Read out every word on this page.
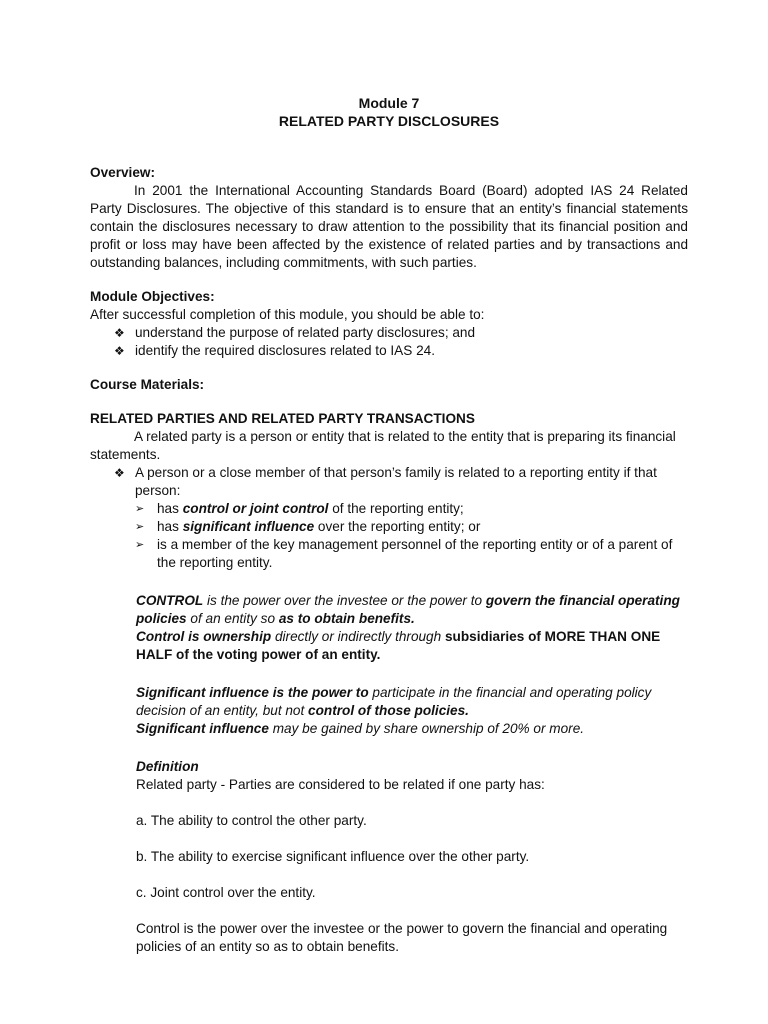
Module 7
RELATED PARTY DISCLOSURES
Overview:
In 2001 the International Accounting Standards Board (Board) adopted IAS 24 Related Party Disclosures. The objective of this standard is to ensure that an entity’s financial statements contain the disclosures necessary to draw attention to the possibility that its financial position and profit or loss may have been affected by the existence of related parties and by transactions and outstanding balances, including commitments, with such parties.
Module Objectives:
After successful completion of this module, you should be able to:
❖ understand the purpose of related party disclosures; and
❖ identify the required disclosures related to IAS 24.
Course Materials:
RELATED PARTIES AND RELATED PARTY TRANSACTIONS
A related party is a person or entity that is related to the entity that is preparing its financial statements.
❖ A person or a close member of that person’s family is related to a reporting entity if that person:
➢ has control or joint control of the reporting entity;
➢ has significant influence over the reporting entity; or
➢ is a member of the key management personnel of the reporting entity or of a parent of the reporting entity.
CONTROL is the power over the investee or the power to govern the financial operating policies of an entity so as to obtain benefits.
Control is ownership directly or indirectly through subsidiaries of MORE THAN ONE HALF of the voting power of an entity.
Significant influence is the power to participate in the financial and operating policy decision of an entity, but not control of those policies.
Significant influence may be gained by share ownership of 20% or more.
Definition
Related party - Parties are considered to be related if one party has:
a. The ability to control the other party.
b. The ability to exercise significant influence over the other party.
c. Joint control over the entity.
Control is the power over the investee or the power to govern the financial and operating policies of an entity so as to obtain benefits.
